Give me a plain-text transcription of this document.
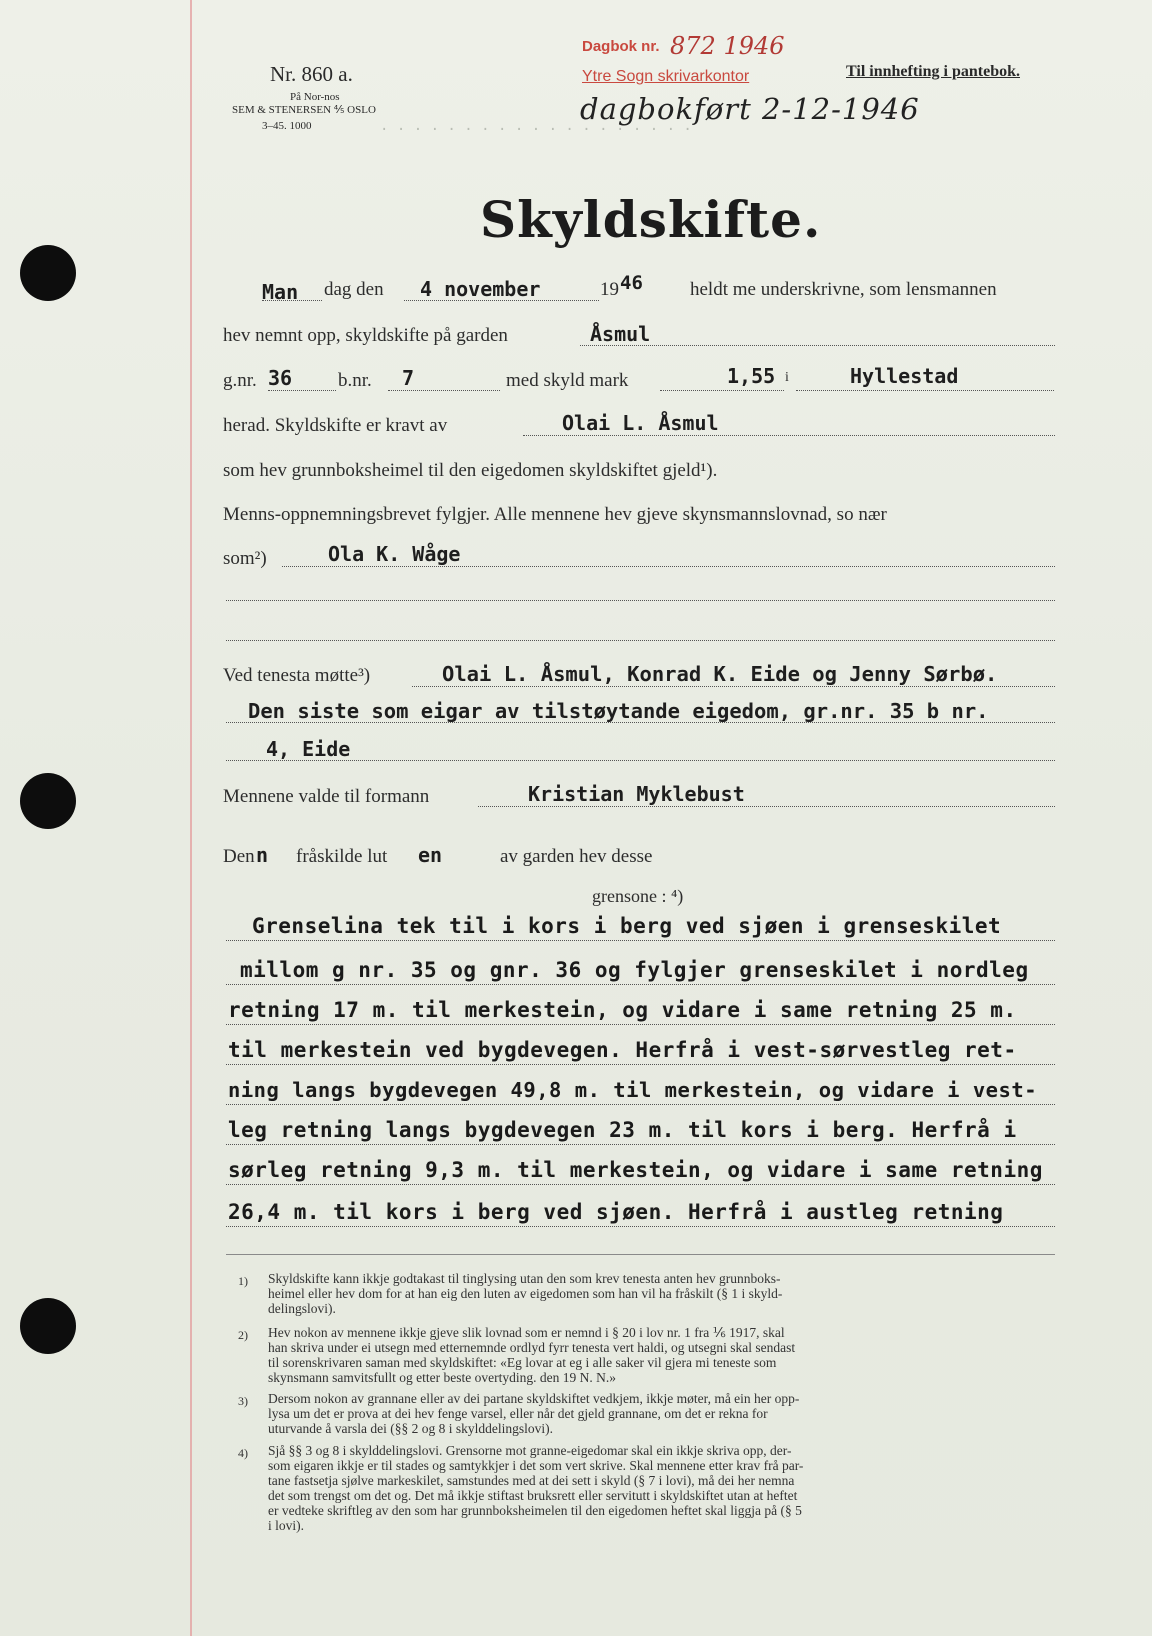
Nr. 860 a.
På Nor-nos
SEM & STENERSEN ⅘ OSLO
3–45. 1000
Dagbok nr. 872 1946
Ytre Sogn skrivarkontor
dagbokført 2-12-1946
Til innhefting i pantebok.
. . . . . . . . . . . . . . . . . . .
Skyldskifte.
Man dag den 4 november	19 46 heldt me underskrivne, som lensmannen
hev nemnt opp, skyldskifte på garden	Åsmul
g.nr. 36 b.nr. 7	med skyld mark	1,55 i	Hyllestad
herad. Skyldskifte er kravt av	Olai L. Åsmul
som hev grunnboksheimel til den eigedomen skyldskiftet gjeld¹).
Menns-oppnemningsbrevet fylgjer. Alle mennene hev gjeve skynsmannslovnad, so nær
som²)	Ola K. Wåge
Ved tenesta møtte³)	Olai L. Åsmul, Konrad K. Eide og Jenny Sørbø.
Den siste som eigar av tilstøytande eigedom, gr.nr. 35 b nr.
4, Eide
Mennene valde til formann	Kristian Myklebust
Den n fråskilde lut en	av garden hev desse
grensone : ⁴)
Grenselina tek til i kors i berg ved sjøen i grenseskilet
millom g nr. 35 og gnr. 36 og fylgjer grenseskilet i nordleg
retning 17 m. til merkestein, og vidare i same retning 25 m.
til merkestein ved bygdevegen. Herfrå i vest-sørvestleg ret-
ning langs bygdevegen 49,8 m. til merkestein, og vidare i vest-
leg retning langs bygdevegen 23 m. til kors i berg. Herfrå i
sørleg retning 9,3 m. til merkestein, og vidare i same retning
26,4 m. til kors i berg ved sjøen. Herfrå i austleg retning
1) Skyldskifte kann ikkje godtakast til tinglysing utan den som krev tenesta anten hev grunnboks-
heimel eller hev dom for at han eig den luten av eigedomen som han vil ha fråskilt (§ 1 i skyld-
delingslovi).
2) Hev nokon av mennene ikkje gjeve slik lovnad som er nemnd i § 20 i lov nr. 1 fra ⅙ 1917, skal
han skriva under ei utsegn med etternemnde ordlyd fyrr tenesta vert haldi, og utsegni skal sendast
til sorenskrivaren saman med skyldskiftet: «Eg lovar at eg i alle saker vil gjera mi teneste som
skynsmann samvitsfullt og etter beste overtyding. den 19 N. N.»
3) Dersom nokon av grannane eller av dei partane skyldskiftet vedkjem, ikkje møter, må ein her opp-
lysa um det er prova at dei hev fenge varsel, eller når det gjeld grannane, om det er rekna for
uturvande å varsla dei (§§ 2 og 8 i skylddelingslovi).
4) Sjå §§ 3 og 8 i skylddelingslovi. Grensorne mot granne-eigedomar skal ein ikkje skriva opp, der-
som eigaren ikkje er til stades og samtykkjer i det som vert skrive. Skal mennene etter krav frå par-
tane fastsetja sjølve markeskilet, samstundes med at dei sett i skyld (§ 7 i lovi), må dei her nemna
det som trengst om det og. Det må ikkje stiftast bruksrett eller servitutt i skyldskiftet utan at heftet
er vedteke skriftleg av den som har grunnboksheimelen til den eigedomen heftet skal liggja på (§ 5
i lovi).
